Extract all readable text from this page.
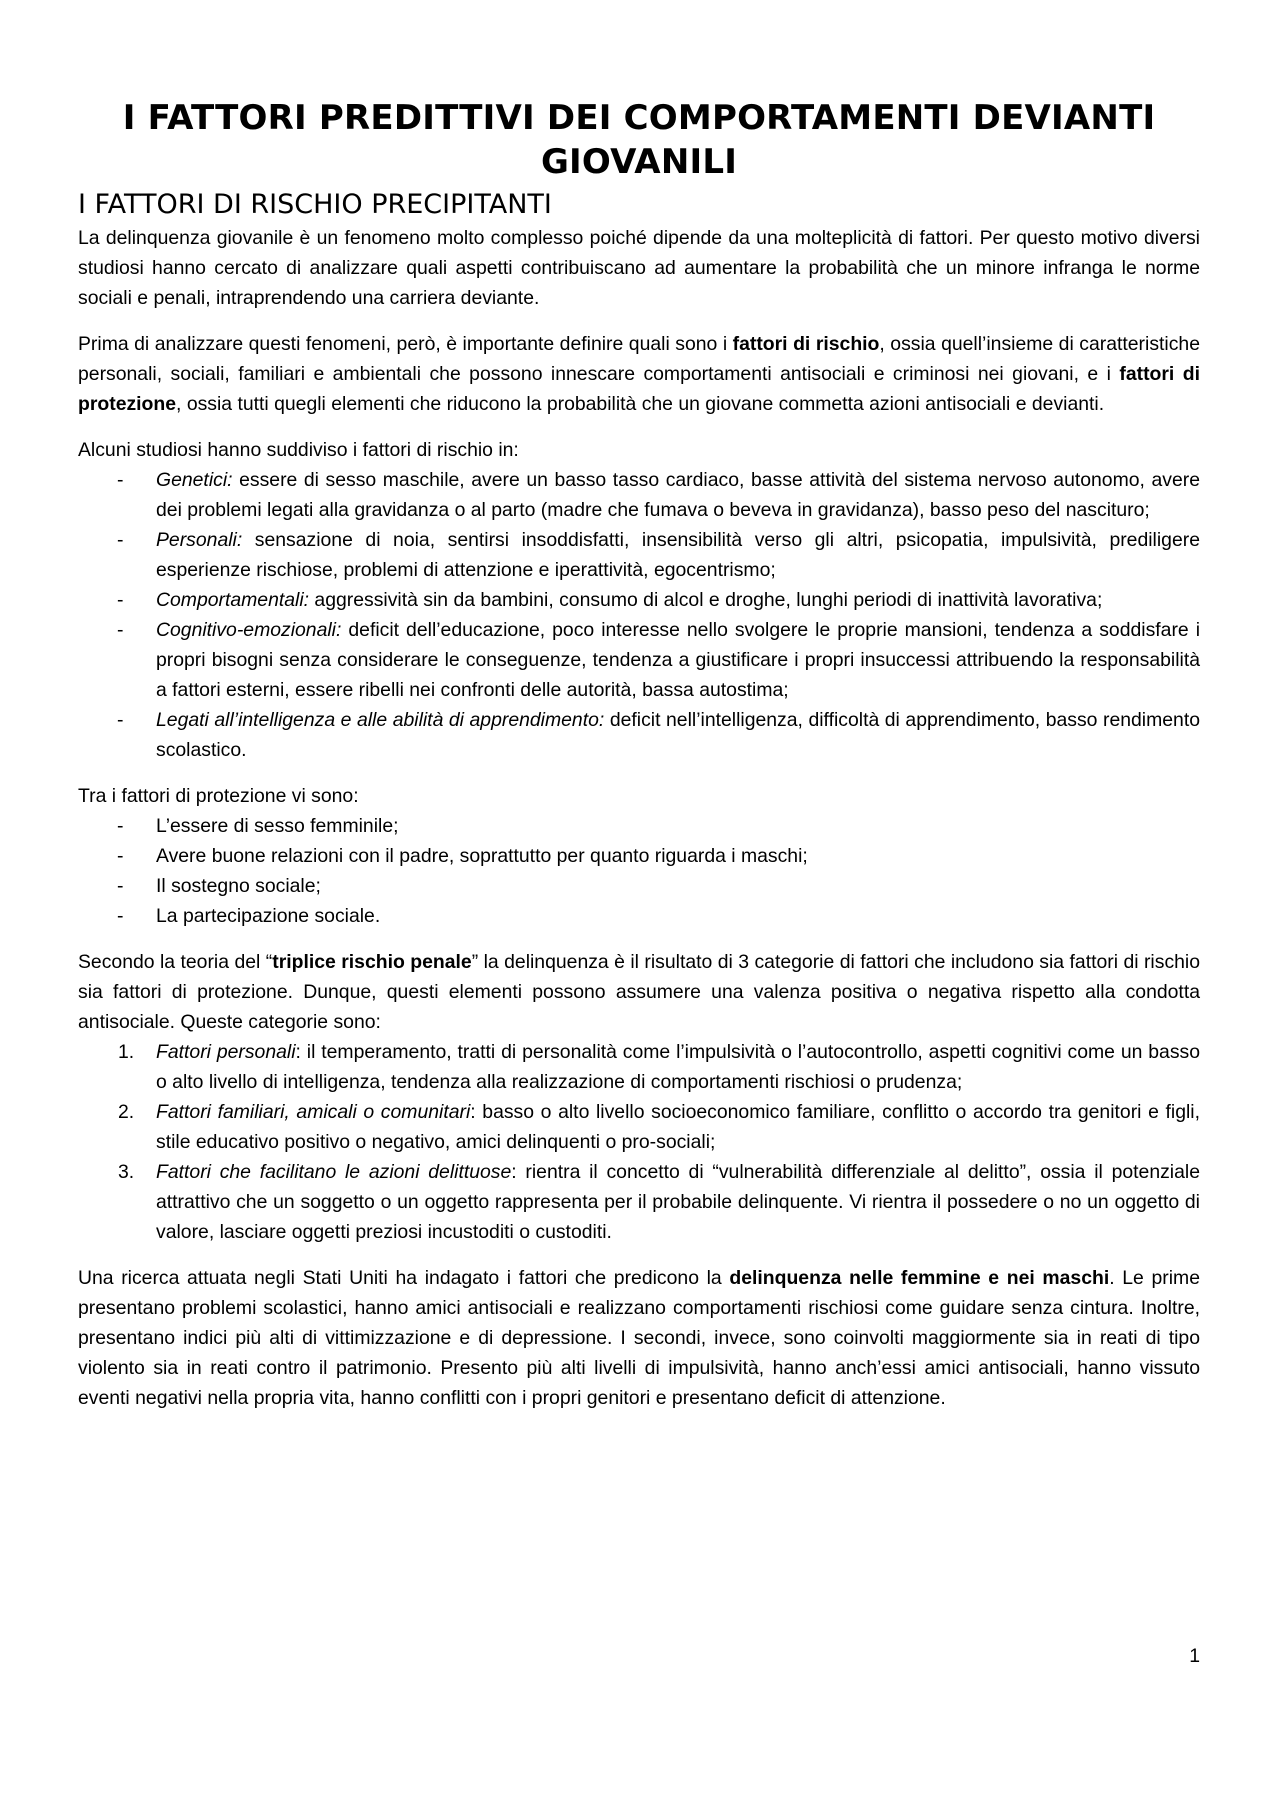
I FATTORI PREDITTIVI DEI COMPORTAMENTI DEVIANTI GIOVANILI
I FATTORI DI RISCHIO PRECIPITANTI

La delinquenza giovanile è un fenomeno molto complesso poiché dipende da una molteplicità di fattori. Per questo motivo diversi studiosi hanno cercato di analizzare quali aspetti contribuiscano ad aumentare la probabilità che un minore infranga le norme sociali e penali, intraprendendo una carriera deviante.

Prima di analizzare questi fenomeni, però, è importante definire quali sono i fattori di rischio, ossia quell’insieme di caratteristiche personali, sociali, familiari e ambientali che possono innescare comportamenti antisociali e criminosi nei giovani, e i fattori di protezione, ossia tutti quegli elementi che riducono la probabilità che un giovane commetta azioni antisociali e devianti.

Alcuni studiosi hanno suddiviso i fattori di rischio in:

- Genetici: essere di sesso maschile, avere un basso tasso cardiaco, basse attività del sistema nervoso autonomo, avere dei problemi legati alla gravidanza o al parto (madre che fumava o beveva in gravidanza), basso peso del nascituro;
- Personali: sensazione di noia, sentirsi insoddisfatti, insensibilità verso gli altri, psicopatia, impulsività, prediligere esperienze rischiose, problemi di attenzione e iperattività, egocentrismo;
- Comportamentali: aggressività sin da bambini, consumo di alcol e droghe, lunghi periodi di inattività lavorativa;
- Cognitivo-emozionali: deficit dell’educazione, poco interesse nello svolgere le proprie mansioni, tendenza a soddisfare i propri bisogni senza considerare le conseguenze, tendenza a giustificare i propri insuccessi attribuendo la responsabilità a fattori esterni, essere ribelli nei confronti delle autorità, bassa autostima;
- Legati all’intelligenza e alle abilità di apprendimento: deficit nell’intelligenza, difficoltà di apprendimento, basso rendimento scolastico.

Tra i fattori di protezione vi sono:

- L’essere di sesso femminile;
- Avere buone relazioni con il padre, soprattutto per quanto riguarda i maschi;
- Il sostegno sociale;
- La partecipazione sociale.

Secondo la teoria del “triplice rischio penale” la delinquenza è il risultato di 3 categorie di fattori che includono sia fattori di rischio sia fattori di protezione. Dunque, questi elementi possono assumere una valenza positiva o negativa rispetto alla condotta antisociale. Queste categorie sono:

1. Fattori personali: il temperamento, tratti di personalità come l’impulsività o l’autocontrollo, aspetti cognitivi come un basso o alto livello di intelligenza, tendenza alla realizzazione di comportamenti rischiosi o prudenza;
2. Fattori familiari, amicali o comunitari: basso o alto livello socioeconomico familiare, conflitto o accordo tra genitori e figli, stile educativo positivo o negativo, amici delinquenti o pro-sociali;
3. Fattori che facilitano le azioni delittuose: rientra il concetto di “vulnerabilità differenziale al delitto”, ossia il potenziale attrattivo che un soggetto o un oggetto rappresenta per il probabile delinquente. Vi rientra il possedere o no un oggetto di valore, lasciare oggetti preziosi incustoditi o custoditi.

Una ricerca attuata negli Stati Uniti ha indagato i fattori che predicono la delinquenza nelle femmine e nei maschi. Le prime presentano problemi scolastici, hanno amici antisociali e realizzano comportamenti rischiosi come guidare senza cintura. Inoltre, presentano indici più alti di vittimizzazione e di depressione. I secondi, invece, sono coinvolti maggiormente sia in reati di tipo violento sia in reati contro il patrimonio. Presento più alti livelli di impulsività, hanno anch’essi amici antisociali, hanno vissuto eventi negativi nella propria vita, hanno conflitti con i propri genitori e presentano deficit di attenzione.

1
